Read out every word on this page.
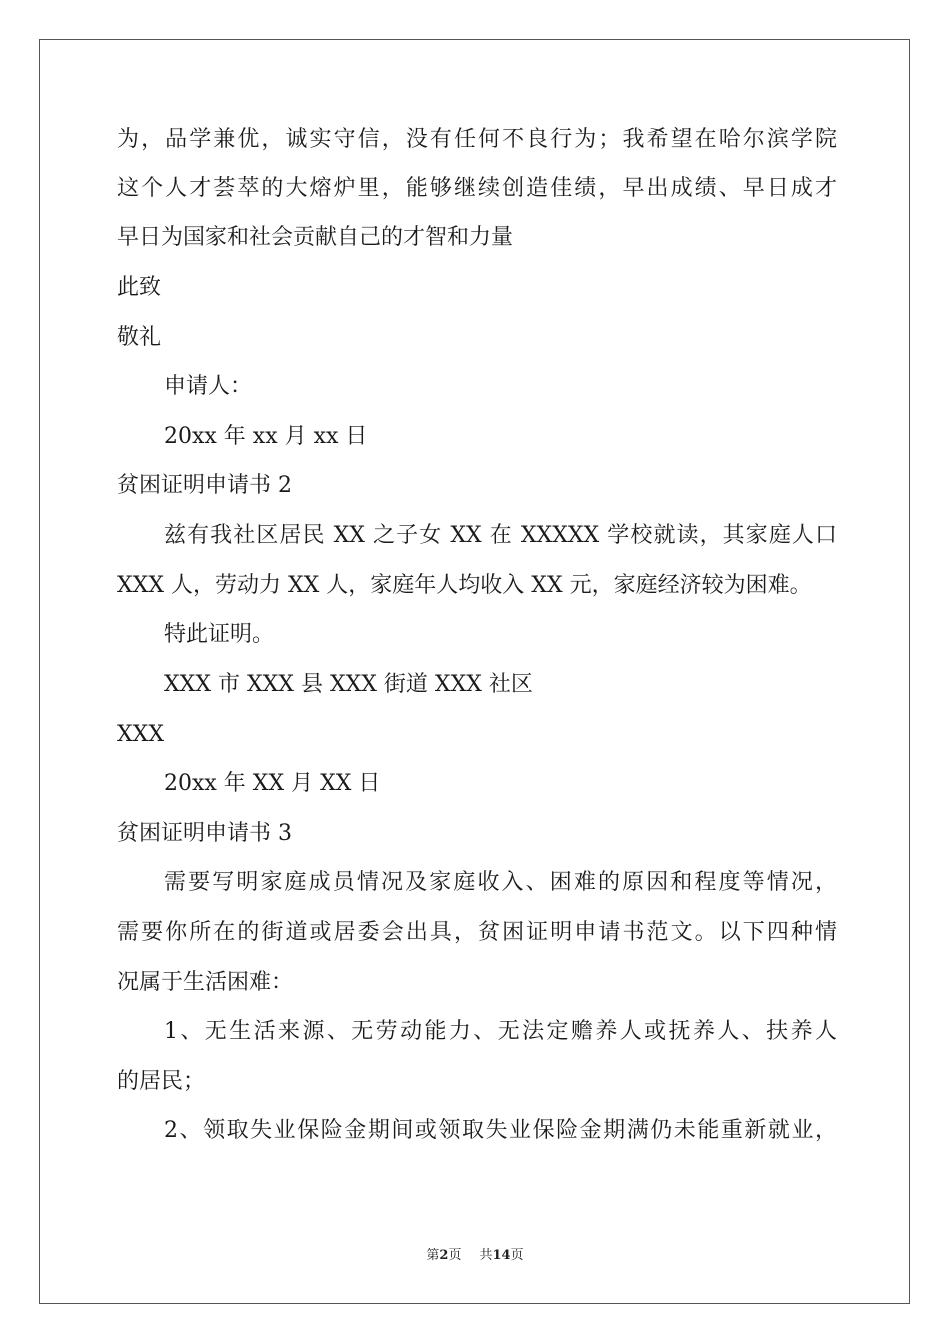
为，品学兼优，诚实守信，没有任何不良行为；我希望在哈尔滨学院
这个人才荟萃的大熔炉里，能够继续创造佳绩，早出成绩、早日成才
早日为国家和社会贡献自己的才智和力量
此致
敬礼
申请人：
20xx 年 xx 月 xx 日
贫困证明申请书 2
兹有我社区居民 XX 之子女 XX 在 XXXXX 学校就读，其家庭人口
XXX 人，劳动力 XX 人，家庭年人均收入 XX 元，家庭经济较为困难。
特此证明。
XXX 市 XXX 县 XXX 街道 XXX 社区
XXX
20xx 年 XX 月 XX 日
贫困证明申请书 3
需要写明家庭成员情况及家庭收入、困难的原因和程度等情况，
需要你所在的街道或居委会出具，贫困证明申请书范文。以下四种情
况属于生活困难：
1、无生活来源、无劳动能力、无法定赡养人或抚养人、扶养人
的居民；
2、领取失业保险金期间或领取失业保险金期满仍未能重新就业，
第2页 共14页
